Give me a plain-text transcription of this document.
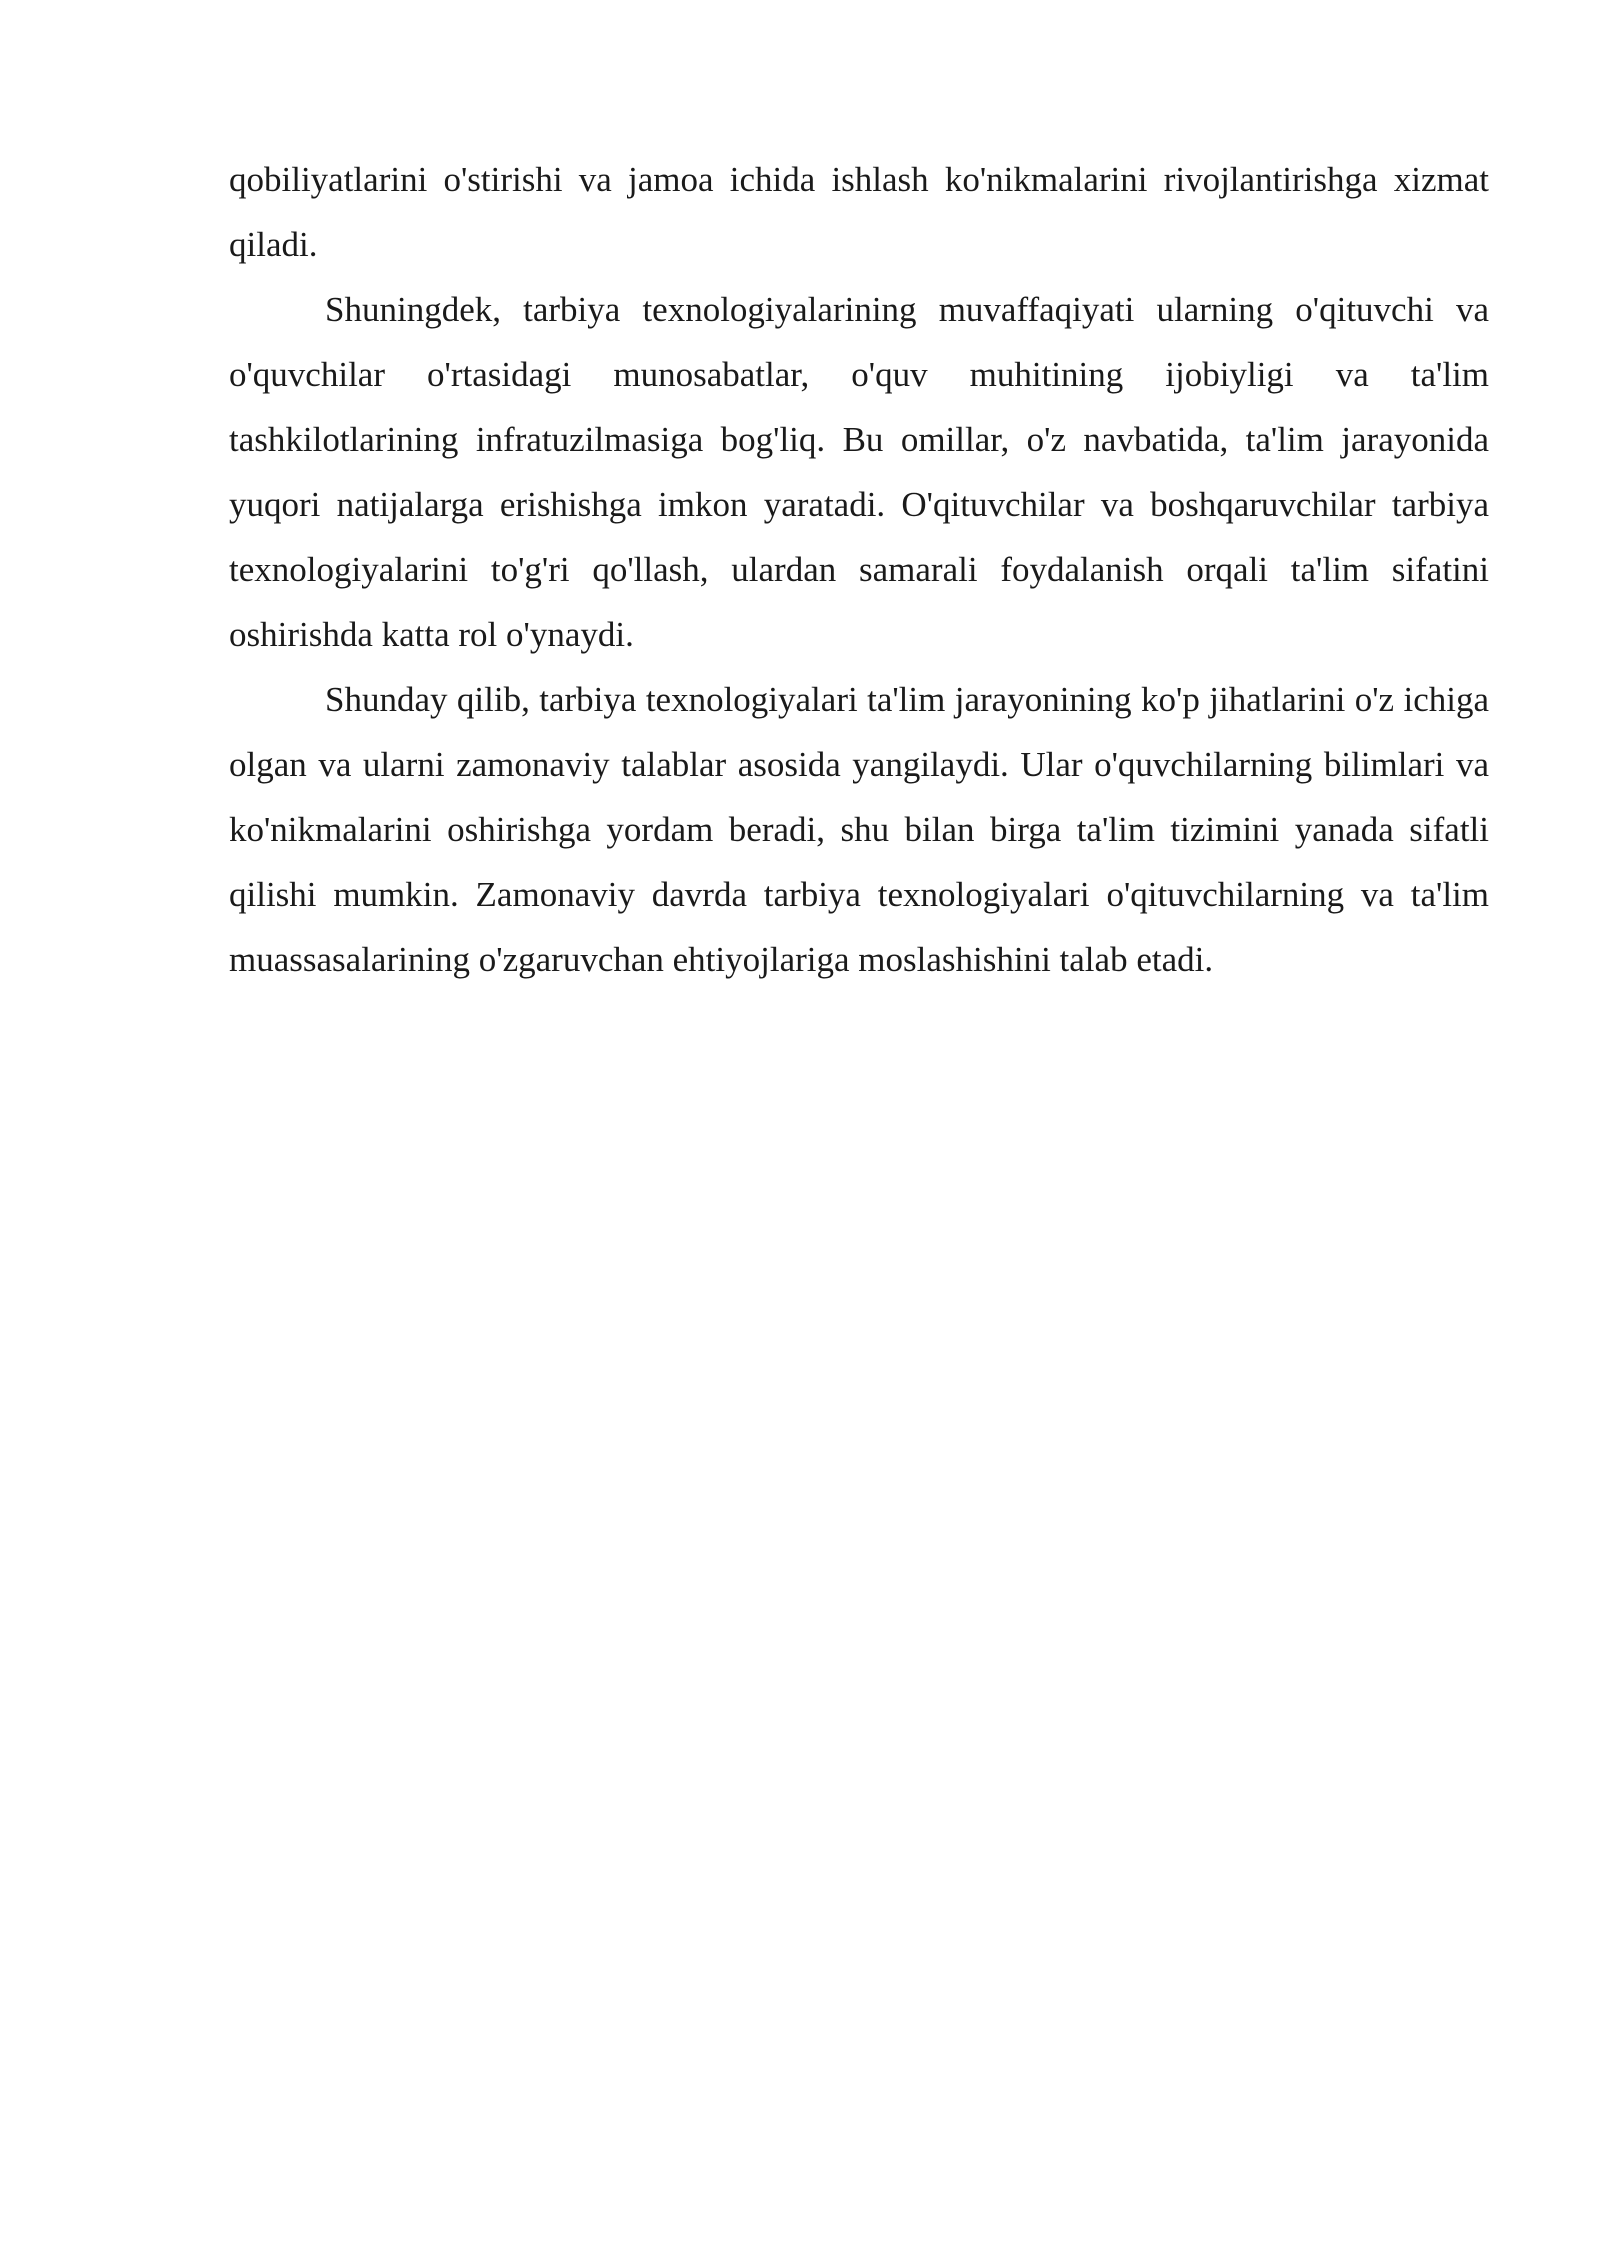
qobiliyatlarini o'stirishi va jamoa ichida ishlash ko'nikmalarini rivojlantirishga xizmat qiladi.

Shuningdek, tarbiya texnologiyalarining muvaffaqiyati ularning o'qituvchi va o'quvchilar o'rtasidagi munosabatlar, o'quv muhitining ijobiyligi va ta'lim tashkilotlarining infratuzilmasiga bog'liq. Bu omillar, o'z navbatida, ta'lim jarayonida yuqori natijalarga erishishga imkon yaratadi. O'qituvchilar va boshqaruvchilar tarbiya texnologiyalarini to'g'ri qo'llash, ulardan samarali foydalanish orqali ta'lim sifatini oshirishda katta rol o'ynaydi.

Shunday qilib, tarbiya texnologiyalari ta'lim jarayonining ko'p jihatlarini o'z ichiga olgan va ularni zamonaviy talablar asosida yangilaydi. Ular o'quvchilarning bilimlari va ko'nikmalarini oshirishga yordam beradi, shu bilan birga ta'lim tizimini yanada sifatli qilishi mumkin. Zamonaviy davrda tarbiya texnologiyalari o'qituvchilarning va ta'lim muassasalarining o'zgaruvchan ehtiyojlariga moslashishini talab etadi.
